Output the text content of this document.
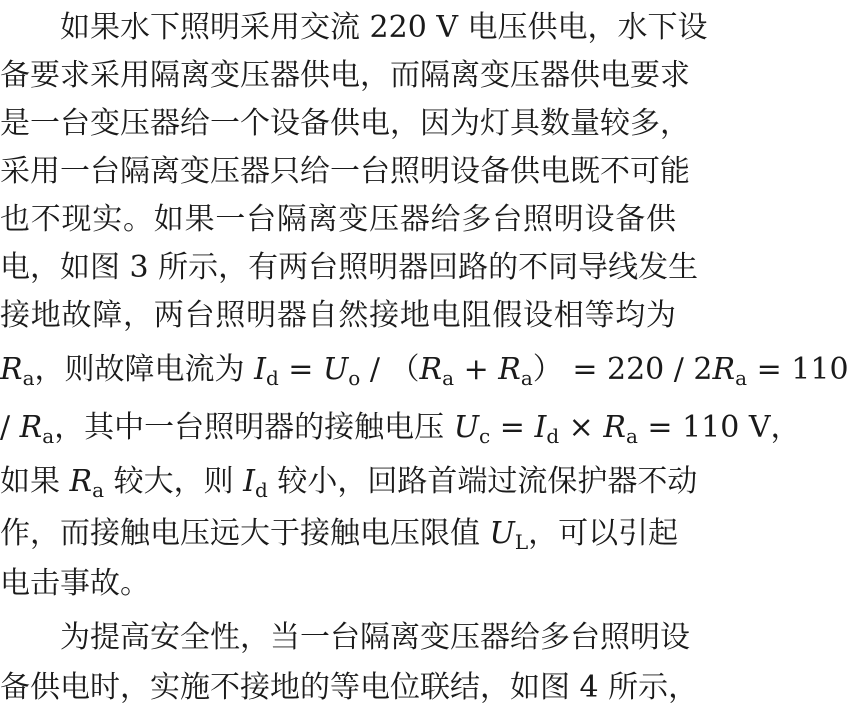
如果水下照明采用交流 220 V 电压供电，水下设
备要求采用隔离变压器供电，而隔离变压器供电要求
是一台变压器给一个设备供电，因为灯具数量较多，
采用一台隔离变压器只给一台照明设备供电既不可能
也不现实。如果一台隔离变压器给多台照明设备供
电，如图 3 所示，有两台照明器回路的不同导线发生
接地故障，两台照明器自然接地电阻假设相等均为
$R_a$，则故障电流为 $I_d = U_o / (R_a + R_a) = 220 / 2R_a = 110$
/ $R_a$，其中一台照明器的接触电压 $U_c = I_d \times R_a = 110$ V，
如果 $R_a$ 较大，则 $I_d$ 较小，回路首端过流保护器不动
作，而接触电压远大于接触电压限值 $U_L$，可以引起
电击事故。
为提高安全性，当一台隔离变压器给多台照明设
备供电时，实施不接地的等电位联结，如图 4 所示，
